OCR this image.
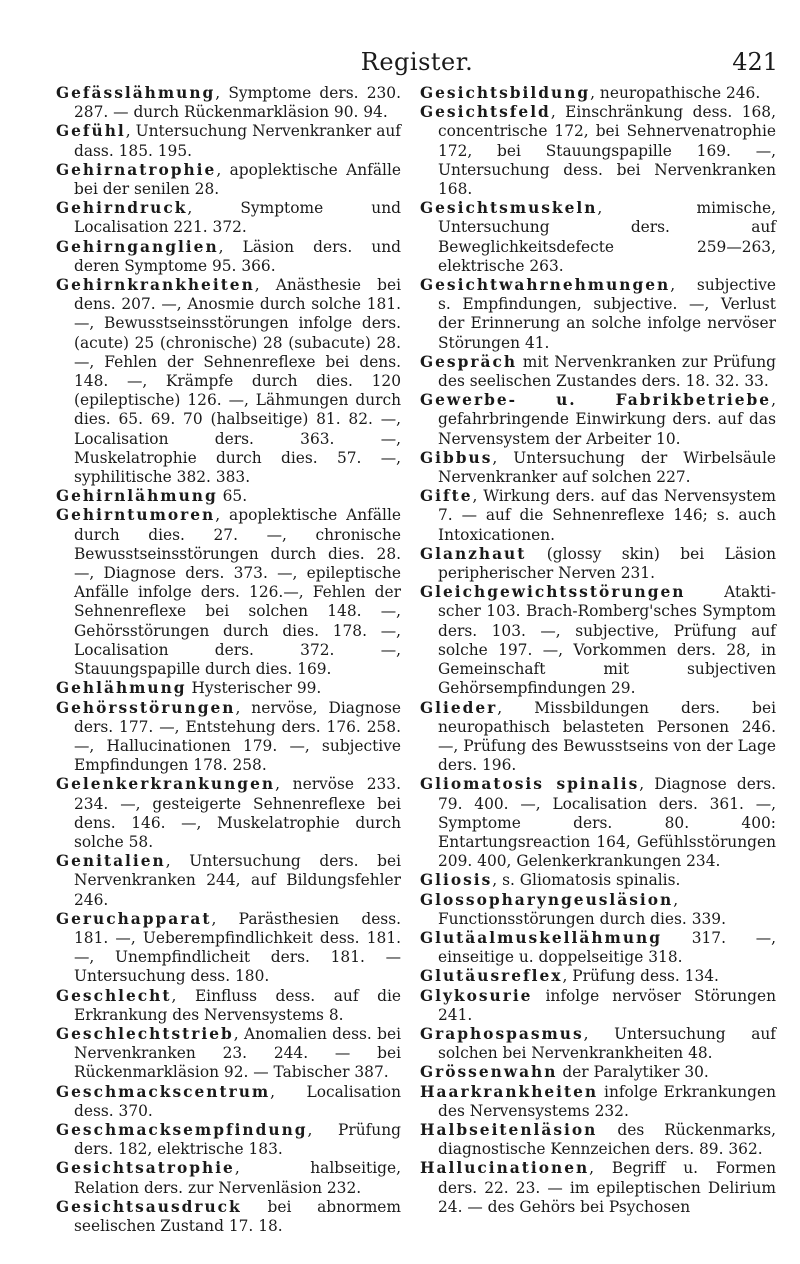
Register.	421

Gefässlähmung, Symptome ders. 230. 287. — durch Rückenmarkläsion 90. 94.

Gefühl, Untersuchung Nervenkranker auf dass. 185. 195.

Gehirnatrophie, apoplektische Anfälle bei der senilen 28.

Gehirndruck, Symptome und Localisation 221. 372.

Gehirnganglien, Läsion ders. und deren Symptome 95. 366.

Gehirnkrankheiten, Anästhesie bei dens. 207. —, Anosmie durch solche 181. —, Bewusstseinsstörungen infolge ders. (acute) 25 (chronische) 28 (subacute) 28. —, Fehlen der Sehnenreflexe bei dens. 148. —, Krämpfe durch dies. 120 (epileptische) 126. —, Lähmungen durch dies. 65. 69. 70 (halbseitige) 81. 82. —, Localisation ders. 363. —, Muskelatrophie durch dies. 57. —, syphilitische 382. 383.

Gehirnlähmung 65.

Gehirntumoren, apoplektische Anfälle durch dies. 27. —, chronische Bewusstseinsstörungen durch dies. 28. —, Diagnose ders. 373. —, epileptische Anfälle infolge ders. 126.—, Fehlen der Sehnenreflexe bei solchen 148. —, Gehörsstörungen durch dies. 178. —, Localisation ders. 372. —, Stauungspapille durch dies. 169.

Gehlähmung Hysterischer 99.

Gehörsstörungen, nervöse, Diagnose ders. 177. —, Entstehung ders. 176. 258. —, Hallucinationen 179. —, subjective Empfindungen 178. 258.

Gelenkerkrankungen, nervöse 233. 234. —, gesteigerte Sehnenreflexe bei dens. 146. —, Muskelatrophie durch solche 58.

Genitalien, Untersuchung ders. bei Nervenkranken 244, auf Bildungsfehler 246.

Geruchapparat, Parästhesien dess. 181. —, Ueberempfindlichkeit dess. 181. —, Unempfindlicheit ders. 181. — Untersuchung dess. 180.

Geschlecht, Einfluss dess. auf die Erkrankung des Nervensystems 8.

Geschlechtstrieb, Anomalien dess. bei Nervenkranken 23. 244. — bei Rückenmarkläsion 92. — Tabischer 387.

Geschmackscentrum, Localisation dess. 370.

Geschmacksempfindung, Prüfung ders. 182, elektrische 183.

Gesichtsatrophie, halbseitige, Relation ders. zur Nervenläsion 232.

Gesichtsausdruck bei abnormem seelischen Zustand 17. 18.

Gesichtsbildung, neuropathische 246.

Gesichtsfeld, Einschränkung dess. 168, concentrische 172, bei Sehnervenatrophie 172, bei Stauungspapille 169. —, Untersuchung dess. bei Nervenkranken 168.

Gesichtsmuskeln, mimische, Untersuchung ders. auf Beweglichkeitsdefecte 259—263, elektrische 263.

Gesichtwahrnehmungen, subjective s. Empfindungen, subjective. —, Verlust der Erinnerung an solche infolge nervöser Störungen 41.

Gespräch mit Nervenkranken zur Prüfung des seelischen Zustandes ders. 18. 32. 33.

Gewerbe- u. Fabrikbetriebe, gefahrbringende Einwirkung ders. auf das Nervensystem der Arbeiter 10.

Gibbus, Untersuchung der Wirbelsäule Nervenkranker auf solchen 227.

Gifte, Wirkung ders. auf das Nervensystem 7. — auf die Sehnenreflexe 146; s. auch Intoxicationen.

Glanzhaut (glossy skin) bei Läsion peripherischer Nerven 231.

Gleichgewichtsstörungen Ataktischer 103. Brach-Romberg'sches Symptom ders. 103. —, subjective, Prüfung auf solche 197. —, Vorkommen ders. 28, in Gemeinschaft mit subjectiven Gehörsempfindungen 29.

Glieder, Missbildungen ders. bei neuropathisch belasteten Personen 246. —, Prüfung des Bewusstseins von der Lage ders. 196.

Gliomatosis spinalis, Diagnose ders. 79. 400. —, Localisation ders. 361. —, Symptome ders. 80. 400: Entartungsreaction 164, Gefühlsstörungen 209. 400, Gelenkerkrankungen 234.

Gliosis, s. Gliomatosis spinalis.

Glossopharyngeusläsion, Functionsstörungen durch dies. 339.

Glutäalmuskellähmung 317. —, einseitige u. doppelseitige 318.

Glutäusreflex, Prüfung dess. 134.

Glykosurie infolge nervöser Störungen 241.

Graphospasmus, Untersuchung auf solchen bei Nervenkrankheiten 48.

Grössenwahn der Paralytiker 30.

Haarkrankheiten infolge Erkrankungen des Nervensystems 232.

Halbseitenläsion des Rückenmarks, diagnostische Kennzeichen ders. 89. 362.

Hallucinationen, Begriff u. Formen ders. 22. 23. — im epileptischen Delirium 24. — des Gehörs bei Psychosen
